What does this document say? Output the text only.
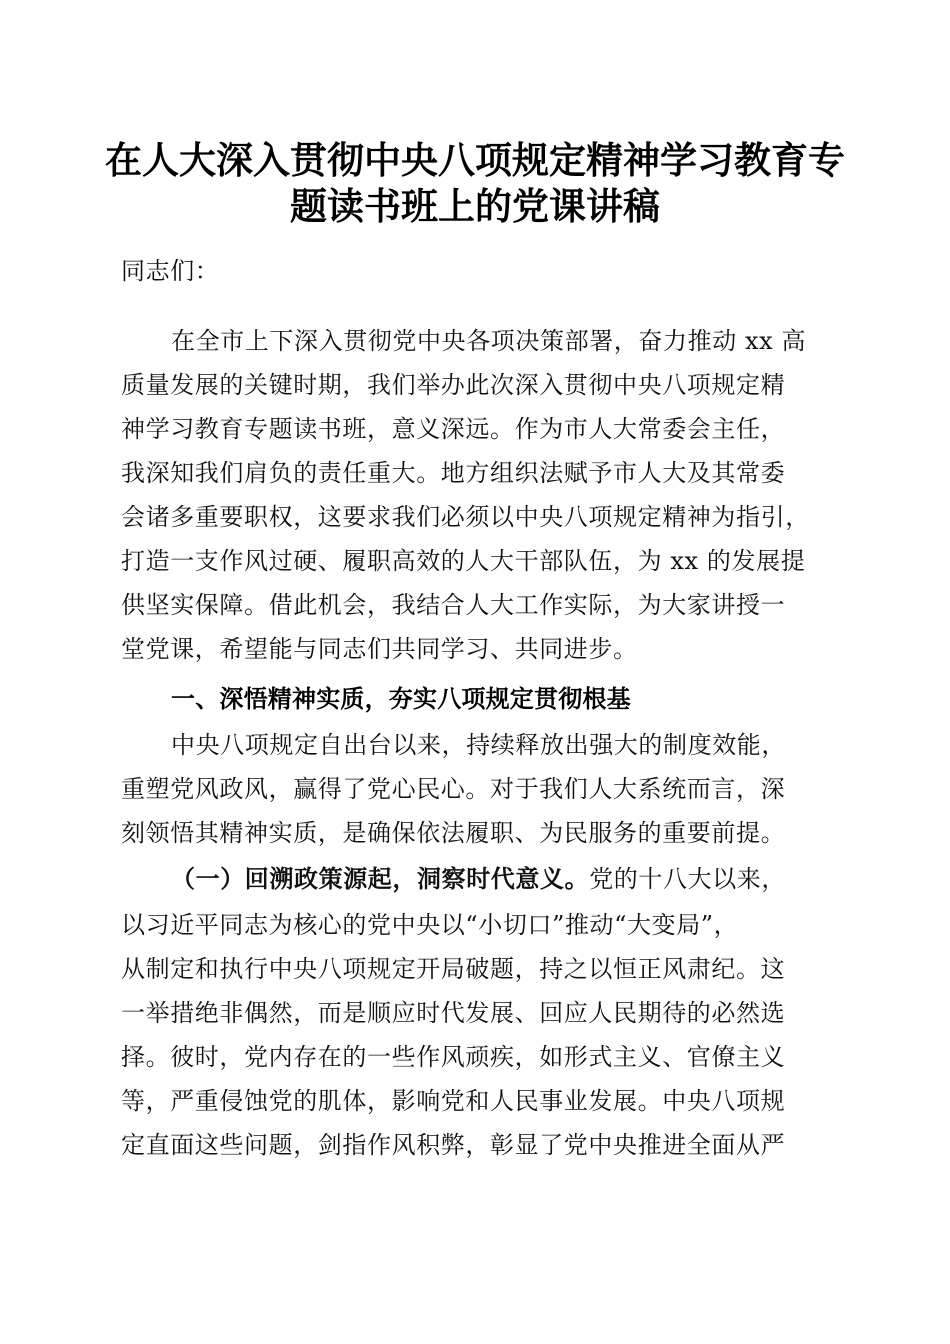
在人大深入贯彻中央八项规定精神学习教育专
题读书班上的党课讲稿
同志们：
在全市上下深入贯彻党中央各项决策部署，奋力推动 xx 高
质量发展的关键时期，我们举办此次深入贯彻中央八项规定精
神学习教育专题读书班，意义深远。作为市人大常委会主任，
我深知我们肩负的责任重大。地方组织法赋予市人大及其常委
会诸多重要职权，这要求我们必须以中央八项规定精神为指引，
打造一支作风过硬、履职高效的人大干部队伍，为 xx 的发展提
供坚实保障。借此机会，我结合人大工作实际，为大家讲授一
堂党课，希望能与同志们共同学习、共同进步。
一、深悟精神实质，夯实八项规定贯彻根基
中央八项规定自出台以来，持续释放出强大的制度效能，
重塑党风政风，赢得了党心民心。对于我们人大系统而言，深
刻领悟其精神实质，是确保依法履职、为民服务的重要前提。
（一）回溯政策源起，洞察时代意义。党的十八大以来，
以习近平同志为核心的党中央以“小切口”推动“大变局”，
从制定和执行中央八项规定开局破题，持之以恒正风肃纪。这
一举措绝非偶然，而是顺应时代发展、回应人民期待的必然选
择。彼时，党内存在的一些作风顽疾，如形式主义、官僚主义
等，严重侵蚀党的肌体，影响党和人民事业发展。中央八项规
定直面这些问题，剑指作风积弊，彰显了党中央推进全面从严
